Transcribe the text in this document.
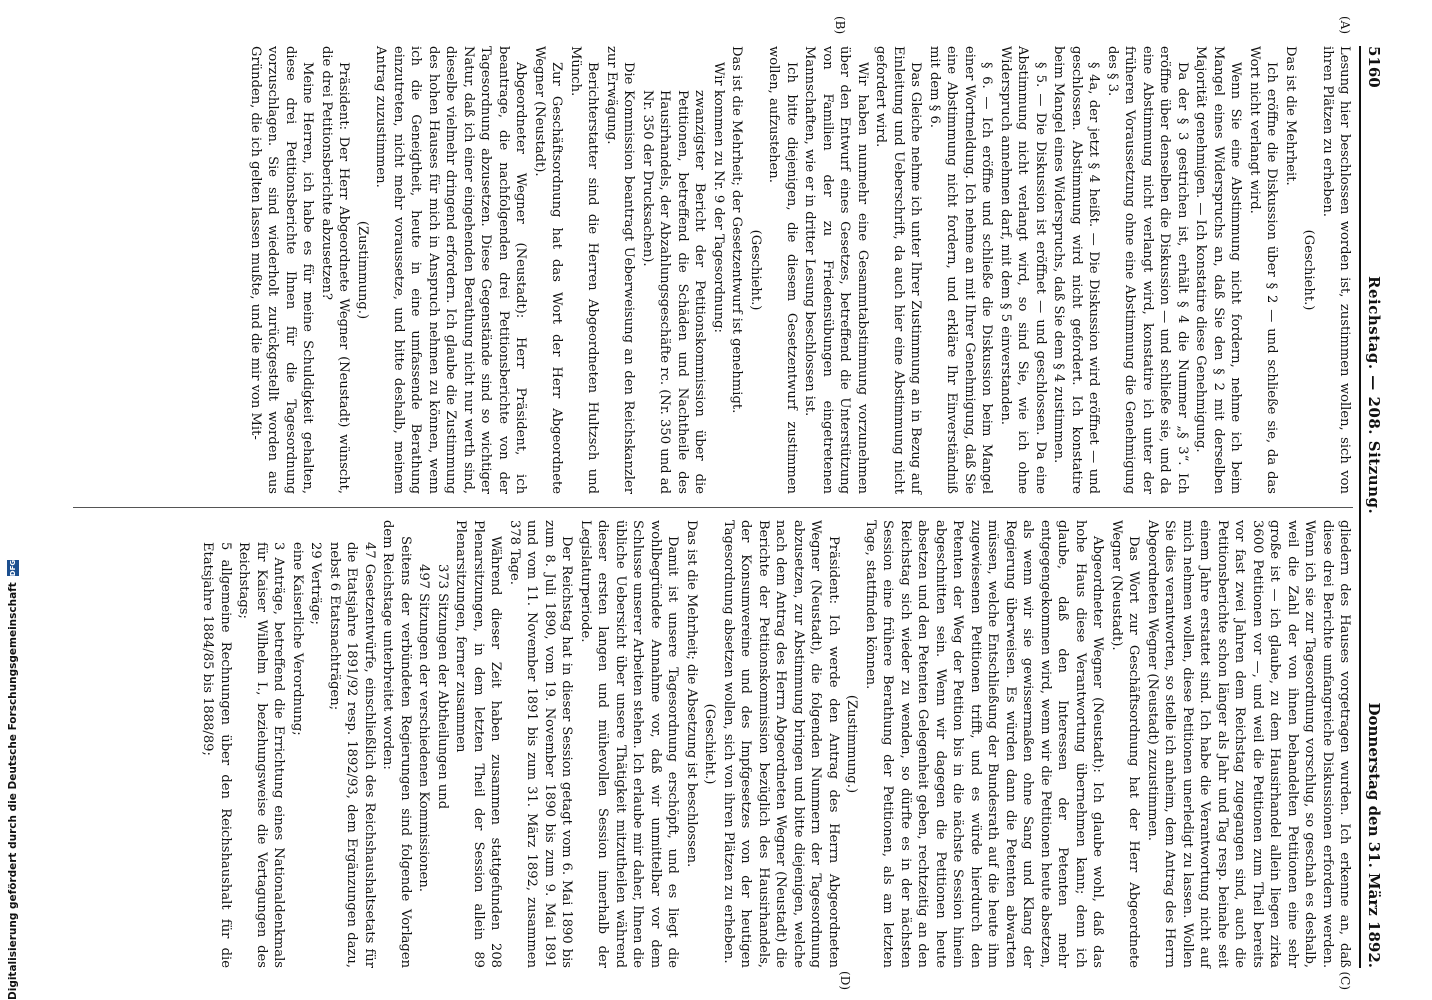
5160
Reichstag. — 208. Sitzung.
Donnerstag den 31. März 1892.
(A)
(B)

Lesung hier beschlossen worden ist, zustimmen wollen, sich von ihren Plätzen zu erheben.

(Geschieht.)

Das ist die Mehrheit.

Ich eröffne die Diskussion über § 2 — und schließe sie, da das Wort nicht verlangt wird.

Wenn Sie eine Abstimmung nicht fordern, nehme ich beim Mangel eines Widerspruchs an, daß Sie den § 2 mit derselben Majorität genehmigen. — Ich konstatire diese Genehmigung.

Da der § 3 gestrichen ist, erhält § 4 die Nummer „§ 3“. Ich eröffne über denselben die Diskussion — und schließe sie, und da eine Abstimmung nicht verlangt wird, konstatire ich unter der früheren Voraussetzung ohne eine Abstimmung die Genehmigung des § 3.

§ 4a, der jetzt § 4 heißt. — Die Diskussion wird eröffnet — und geschlossen. Abstimmung wird nicht gefordert. Ich konstatire beim Mangel eines Widerspruchs, daß Sie dem § 4 zustimmen.

§ 5. — Die Diskussion ist eröffnet — und geschlossen. Da eine Abstimmung nicht verlangt wird, so sind Sie, wie ich ohne Widerspruch annehmen darf, mit dem § 5 einverstanden.

§ 6. — Ich eröffne und schließe die Diskussion beim Mangel einer Wortmeldung. Ich nehme an mit Ihrer Genehmigung, daß Sie eine Abstimmung nicht fordern, und erkläre Ihr Einverständniß mit dem § 6.

Das Gleiche nehme ich unter Ihrer Zustimmung an in Bezug auf Einleitung und Ueberschrift, da auch hier eine Abstimmung nicht gefordert wird.

Wir haben nunmehr eine Gesammtabstimmung vorzunehmen über den Entwurf eines Gesetzes, betreffend die Unterstützung von Familien der zu Friedensübungen eingetretenen Mannschaften, wie er in dritter Lesung beschlossen ist.

Ich bitte diejenigen, die diesem Gesetzentwurf zustimmen wollen, aufzustehen.

(Geschieht.)

Das ist die Mehrheit; der Gesetzentwurf ist genehmigt.

Wir kommen zu Nr. 9 der Tagesordnung:

zwanzigster Bericht der Petitionskommission über die Petitionen, betreffend die Schäden und Nachtheile des Hausirhandels, der Abzahlungsgeschäfte rc. (Nr. 350 und ad Nr. 350 der Drucksachen).

Die Kommission beantragt Ueberweisung an den Reichskanzler zur Erwägung.

Berichterstatter sind die Herren Abgeordneten Hultzsch und Münch.

Zur Geschäftsordnung hat das Wort der Herr Abgeordnete Wegner (Neustadt).

Abgeordneter Wegner (Neustadt): Herr Präsident, ich beantrage, die nachfolgenden drei Petitionsberichte von der Tagesordnung abzusetzen. Diese Gegenstände sind so wichtiger Natur, daß ich einer eingehenden Berathung nicht nur werth sind, dieselbe vielmehr dringend erfordern. Ich glaube die Zustimmung des hohen Hauses für mich in Anspruch nehmen zu können, wenn ich die Geneigtheit, heute in eine umfassende Berathung einzutreten, nicht mehr voraussetze, und bitte deshalb, meinem Antrag zuzustimmen.

(Zustimmung.)

Präsident: Der Herr Abgeordnete Wegner (Neustadt) wünscht, die drei Petitionsberichte abzusetzen?

Meine Herren, ich habe es für meine Schuldigkeit gehalten, diese drei Petitionsberichte Ihnen für die Tagesordnung vorzuschlagen. Sie sind wiederholt zurückgestellt worden aus Gründen, die ich gelten lassen mußte, und die mir von Mit-

(C)
(D)

gliedern des Hauses vorgetragen wurden. Ich erkenne an, daß diese drei Berichte umfangreiche Diskussionen erfordern werden. Wenn ich sie zur Tagesordnung vorschlug, so geschah es deshalb, weil die Zahl der von ihnen behandelten Petitionen eine sehr große ist — ich glaube, zu dem Hausirhandel allein liegen zirka 3600 Petitionen vor —, und weil die Petitionen zum Theil bereits vor fast zwei Jahren dem Reichstag zugegangen sind, auch die Petitionsberichte schon länger als Jahr und Tag resp. beinahe seit einem Jahre erstattet sind. Ich habe die Verantwortung nicht auf mich nehmen wollen, diese Petitionen unerledigt zu lassen. Wollen Sie dies verantworten, so stelle ich anheim, dem Antrag des Herrn Abgeordneten Wegner (Neustadt) zuzustimmen.

Das Wort zur Geschäftsordnung hat der Herr Abgeordnete Wegner (Neustadt).

Abgeordneter Wegner (Neustadt): Ich glaube wohl, daß das hohe Haus diese Verantwortung übernehmen kann; denn ich glaube, daß den Interessen der Petenten mehr entgegengekommen wird, wenn wir die Petitionen heute absetzen, als wenn wir sie gewissermaßen ohne Sang und Klang der Regierung überweisen. Es würden dann die Petenten abwarten müssen, welche Entschließung der Bundesrath auf die heute ihm zugewiesenen Petitionen trifft, und es würde hierdurch den Petenten der Weg der Petition bis in die nächste Session hinein abgeschnitten sein. Wenn wir dagegen die Petitionen heute absetzen und den Petenten Gelegenheit geben, rechtzeitig an den Reichstag sich wieder zu wenden, so dürfte es in der nächsten Session eine frühere Berathung der Petitionen, als am letzten Tage, stattfinden können.

(Zustimmung.)

Präsident: Ich werde den Antrag des Herrn Abgeordneten Wegner (Neustadt), die folgenden Nummern der Tagesordnung abzusetzen, zur Abstimmung bringen und bitte diejenigen, welche nach dem Antrag des Herrn Abgeordneten Wegner (Neustadt) die Berichte der Petitionskommission bezüglich des Hausirhandels, der Konsumvereine und des Impfgesetzes von der heutigen Tagesordnung absetzen wollen, sich von ihren Plätzen zu erheben.

(Geschieht.)

Das ist die Mehrheit; die Absetzung ist beschlossen.

Damit ist unsere Tagesordnung erschöpft, und es liegt die wohlbegründete Annahme vor, daß wir unmittelbar vor dem Schlusse unserer Arbeiten stehen. Ich erlaube mir daher, Ihnen die übliche Uebersicht über unsere Thätigkeit mitzutheilen während dieser ersten langen und mühevollen Session innerhalb der Legislaturperiode.

Der Reichstag hat in dieser Session getagt vom 6. Mai 1890 bis zum 8. Juli 1890, vom 19. November 1890 bis zum 9. Mai 1891 und vom 11. November 1891 bis zum 31. März 1892, zusammen 378 Tage.

Während dieser Zeit haben zusammen stattgefunden 208 Plenarsitzungen, in dem letzten Theil der Session allein 89 Plenarsitzungen, ferner zusammen

373 Sitzungen der Abtheilungen und

497 Sitzungen der verschiedenen Kommissionen.

Seitens der verbündeten Regierungen sind folgende Vorlagen dem Reichstage unterbreitet worden:

47 Gesetzentwürfe, einschließlich des Reichshaushaltsetats für die Etatsjahre 1891/92 resp. 1892/93, dem Ergänzungen dazu, nebst 6 Etatsnachträgen;

29 Verträge;

eine Kaiserliche Verordnung;

3 Anträge, betreffend die Errichtung eines Nationaldenkmals für Kaiser Wilhelm I., beziehungsweise die Vertagungen des Reichstags;

5 allgemeine Rechnungen über den Reichshaushalt für die Etatsjahre 1884/85 bis 1888/89;

Digitalisierung gefördert durch die Deutsche Forschungsgemeinschaft
DFG
